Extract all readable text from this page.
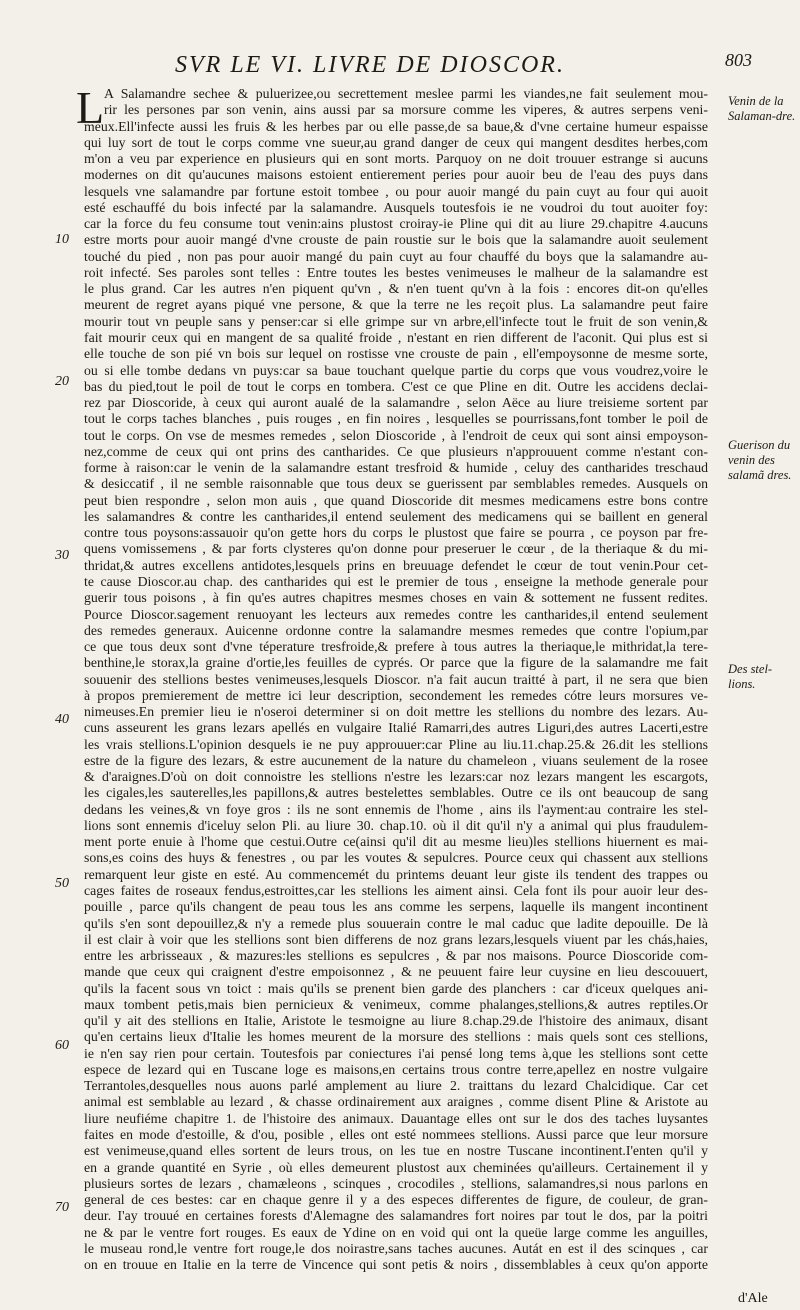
SVR LE VI. LIVRE DE DIOSCOR.	803
L A Salamandre sechee & puluerizee,ou secrettement meslee parmi les viandes,ne fait seulement mou-
rir les persones par son venin, ains aussi par sa morsure comme les viperes, & autres serpens veni-
meux.Ell'infecte aussi les fruis & les herbes par ou elle passe,de sa baue,& d'vne certaine humeur espaisse
qui luy sort de tout le corps comme vne sueur,au grand danger de ceux qui mangent desdites herbes,com
m'on a veu par experience en plusieurs qui en sont morts. Parquoy on ne doit trouuer estrange si aucuns
modernes on dit qu'aucunes maisons estoient entierement peries pour auoir beu de l'eau des puys dans
lesquels vne salamandre par fortune estoit tombee , ou pour auoir mangé du pain cuyt au four qui auoit
esté eschauffé du bois infecté par la salamandre. Ausquels toutesfois ie ne voudroi du tout auoiter foy:
car la force du feu consume tout venin:ains plustost croiray-ie Pline qui dit au liure 29.chapitre 4.aucuns
estre morts pour auoir mangé d'vne crouste de pain roustie sur le bois que la salamandre auoit seulement
touché du pied , non pas pour auoir mangé du pain cuyt au four chauffé du boys que la salamandre au-
roit infecté. Ses paroles sont telles : Entre toutes les bestes venimeuses le malheur de la salamandre est
le plus grand. Car les autres n'en piquent qu'vn , & n'en tuent qu'vn à la fois : encores dit-on qu'elles
meurent de regret ayans piqué vne persone, & que la terre ne les reçoit plus. La salamandre peut faire
mourir tout vn peuple sans y penser:car si elle grimpe sur vn arbre,ell'infecte tout le fruit de son venin,&
fait mourir ceux qui en mangent de sa qualité froide , n'estant en rien different de l'aconit. Qui plus est si
elle touche de son pié vn bois sur lequel on rostisse vne crouste de pain , ell'empoysonne de mesme sorte,
ou si elle tombe dedans vn puys:car sa baue touchant quelque partie du corps que vous voudrez,voire le
bas du pied,tout le poil de tout le corps en tombera. C'est ce que Pline en dit. Outre les accidens declai-
rez par Dioscoride, à ceux qui auront aualé de la salamandre , selon Aëce au liure treisieme sortent par
tout le corps taches blanches , puis rouges , en fin noires , lesquelles se pourrissans,font tomber le poil de
tout le corps. On vse de mesmes remedes , selon Dioscoride , à l'endroit de ceux qui sont ainsi empoyson-
nez,comme de ceux qui ont prins des cantharides. Ce que plusieurs n'approuuent comme n'estant con-
forme à raison:car le venin de la salamandre estant tresfroid & humide , celuy des cantharides treschaud
& desiccatif , il ne semble raisonnable que tous deux se guerissent par semblables remedes. Ausquels on
peut bien respondre , selon mon auis , que quand Dioscoride dit mesmes medicamens estre bons contre
les salamandres & contre les cantharides,il entend seulement des medicamens qui se baillent en general
contre tous poysons:assauoir qu'on gette hors du corps le plustost que faire se pourra , ce poyson par fre-
quens vomissemens , & par forts clysteres qu'on donne pour preseruer le cœur , de la theriaque & du mi-
thridat,& autres excellens antidotes,lesquels prins en breuuage defendet le cœur de tout venin.Pour cet-
te cause Dioscor.au chap. des cantharides qui est le premier de tous , enseigne la methode generale pour
guerir tous poisons , à fin qu'es autres chapitres mesmes choses en vain & sottement ne fussent redites.
Pource Dioscor.sagement renuoyant les lecteurs aux remedes contre les cantharides,il entend seulement
des remedes generaux. Auicenne ordonne contre la salamandre mesmes remedes que contre l'opium,par
ce que tous deux sont d'vne téperature tresfroide,& prefere à tous autres la theriaque,le mithridat,la tere-
benthine,le storax,la graine d'ortie,les feuilles de cyprés. Or parce que la figure de la salamandre me fait
souuenir des stellions bestes venimeuses,lesquels Dioscor. n'a fait aucun traitté à part, il ne sera que bien
à propos premierement de mettre ici leur description, secondement les remedes cótre leurs morsures ve-
nimeuses.En premier lieu ie n'oseroi determiner si on doit mettre les stellions du nombre des lezars. Au-
cuns asseurent les grans lezars apellés en vulgaire Italié Ramarri,des autres Liguri,des autres Lacerti,estre
les vrais stellions.L'opinion desquels ie ne puy approuuer:car Pline au liu.11.chap.25.& 26.dit les stellions
estre de la figure des lezars, & estre aucunement de la nature du chameleon , viuans seulement de la rosee
& d'araignes.D'où on doit connoistre les stellions n'estre les lezars:car noz lezars mangent les escargots,
les cigales,les sauterelles,les papillons,& autres bestelettes semblables. Outre ce ils ont beaucoup de sang
dedans les veines,& vn foye gros : ils ne sont ennemis de l'home , ains ils l'ayment:au contraire les stel-
lions sont ennemis d'iceluy selon Pli. au liure 30. chap.10. où il dit qu'il n'y a animal qui plus fraudulem-
ment porte enuie à l'home que cestui.Outre ce(ainsi qu'il dit au mesme lieu)les stellions hiuernent es mai-
sons,es coins des huys & fenestres , ou par les voutes & sepulcres. Pource ceux qui chassent aux stellions
remarquent leur giste en esté. Au commencemét du printems deuant leur giste ils tendent des trappes ou
cages faites de roseaux fendus,estroittes,car les stellions les aiment ainsi. Cela font ils pour auoir leur des-
pouille , parce qu'ils changent de peau tous les ans comme les serpens, laquelle ils mangent incontinent
qu'ils s'en sont depouillez,& n'y a remede plus souuerain contre le mal caduc que ladite depouille. De là
il est clair à voir que les stellions sont bien differens de noz grans lezars,lesquels viuent par les chás,haies,
entre les arbrisseaux , & mazures:les stellions es sepulcres , & par nos maisons. Pource Dioscoride com-
mande que ceux qui craignent d'estre empoisonnez , & ne peuuent faire leur cuysine en lieu descouuert,
qu'ils la facent sous vn toict : mais qu'ils se prenent bien garde des planchers : car d'iceux quelques ani-
maux tombent petis,mais bien pernicieux & venimeux, comme phalanges,stellions,& autres reptiles.Or
qu'il y ait des stellions en Italie, Aristote le tesmoigne au liure 8.chap.29.de l'histoire des animaux, disant
qu'en certains lieux d'Italie les homes meurent de la morsure des stellions : mais quels sont ces stellions,
ie n'en say rien pour certain. Toutesfois par coniectures i'ai pensé long tems à,que les stellions sont cette
espece de lezard qui en Tuscane loge es maisons,en certains trous contre terre,apellez en nostre vulgaire
Terrantoles,desquelles nous auons parlé amplement au liure 2. traittans du lezard Chalcidique. Car cet
animal est semblable au lezard , & chasse ordinairement aux araignes , comme disent Pline & Aristote au
liure neufiéme chapitre 1. de l'histoire des animaux. Dauantage elles ont sur le dos des taches luysantes
faites en mode d'estoille, & d'ou, posible , elles ont esté nommees stellions. Aussi parce que leur morsure
est venimeuse,quand elles sortent de leurs trous, on les tue en nostre Tuscane incontinent.I'enten qu'il y
en a grande quantité en Syrie , où elles demeurent plustost aux cheminées qu'ailleurs. Certainement il y
plusieurs sortes de lezars , chamæleons , scinques , crocodiles , stellions, salamandres,si nous parlons en
general de ces bestes: car en chaque genre il y a des especes differentes de figure, de couleur, de gran-
deur. I'ay trouué en certaines forests d'Alemagne des salamandres fort noires par tout le dos, par la poitri
ne & par le ventre fort rouges. Es eaux de Ydine on en void qui ont la queüe large comme les anguilles,
le museau rond,le ventre fort rouge,le dos noirastre,sans taches aucunes. Autát en est il des scinques , car
on en trouue en Italie en la terre de Vincence qui sont petis & noirs , dissemblables à ceux qu'on apporte
10
20
30
40
50
60
70
Venin de la Salaman-dre.
Guerison du venin des salamã dres.
Des stel-lions.
d'Ale
